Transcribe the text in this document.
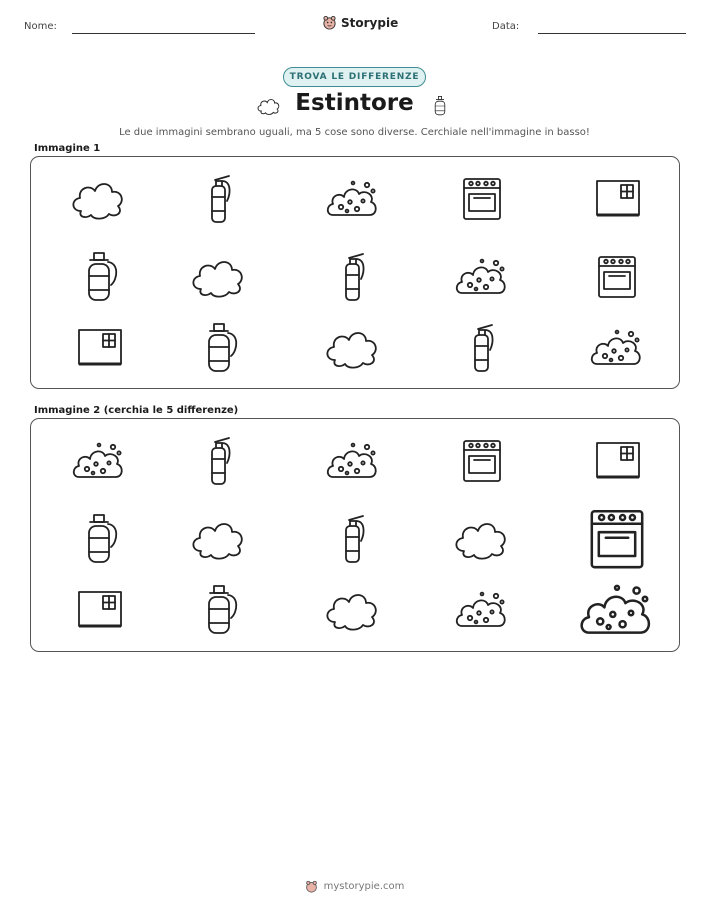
Nome:	Storypie	Data:
TROVA LE DIFFERENZE
Estintore
Le due immagini sembrano uguali, ma 5 cose sono diverse. Cerchiale nell'immagine in basso!
Immagine 1
Immagine 2 (cerchia le 5 differenze)
mystorypie.com
